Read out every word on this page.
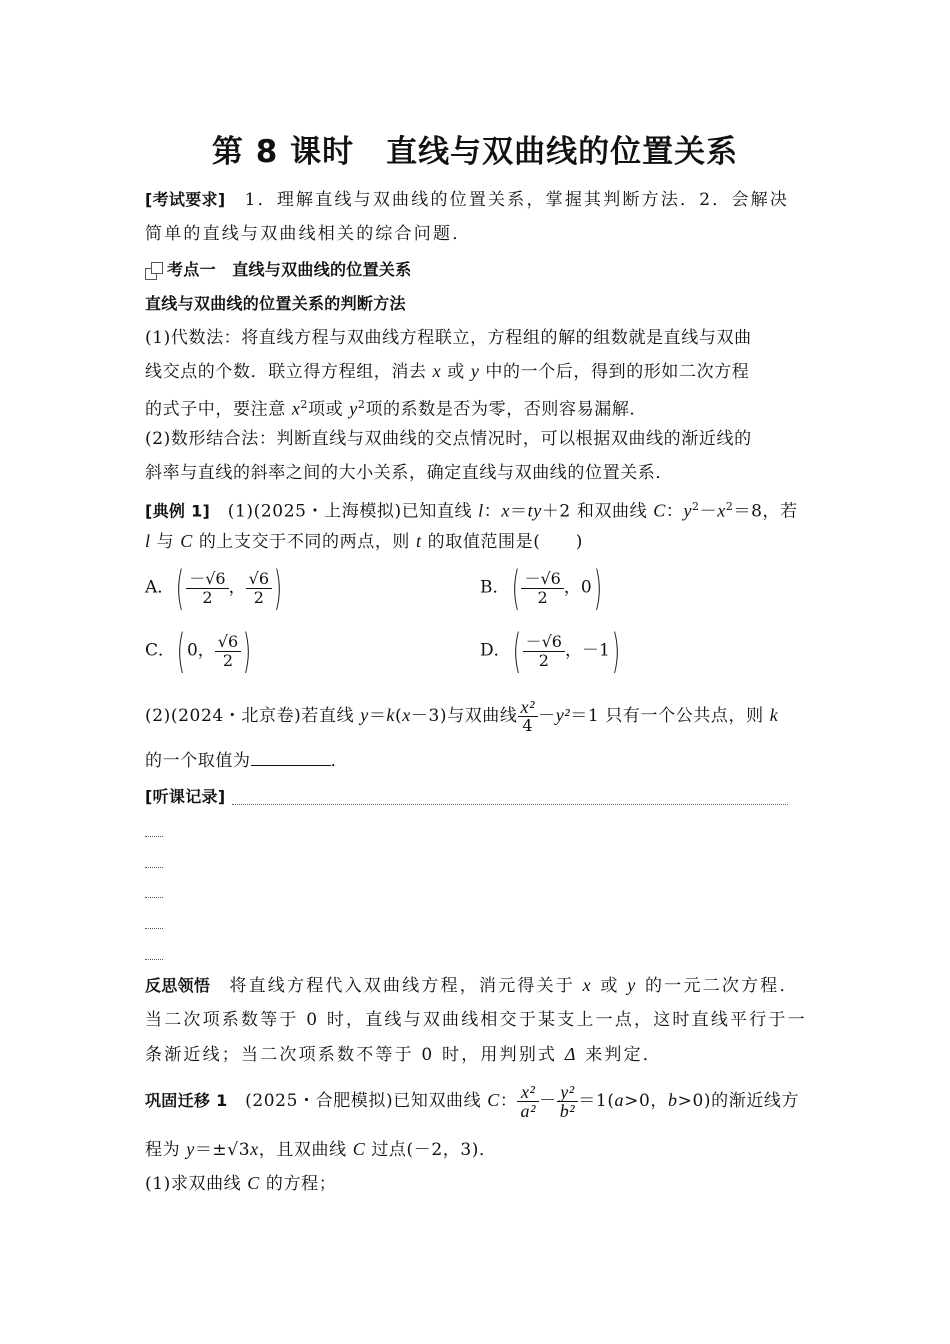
第 8 课时　直线与双曲线的位置关系
[考试要求]　 1．理解直线与双曲线的位置关系，掌握其判断方法．2．会解决
简单的直线与双曲线相关的综合问题．
考点一　直线与双曲线的位置关系
直线与双曲线的位置关系的判断方法
(1)代数法：将直线方程与双曲线方程联立，方程组的解的组数就是直线与双曲
线交点的个数．联立得方程组，消去 x 或 y 中的一个后，得到的形如二次方程
的式子中，要注意 $x^2$项或 $y^2$项的系数是否为零，否则容易漏解．
(2)数形结合法：判断直线与双曲线的交点情况时，可以根据双曲线的渐近线的
斜率与直线的斜率之间的大小关系，确定直线与双曲线的位置关系．
[典例 1]　 (1)(2025・上海模拟)已知直线 l：x＝ty＋2 和双曲线 C：$y^2-x^2=8$，若
l 与 C 的上支交于不同的两点，则 t 的取值范围是(　　)
A．( $\frac{-√6}{2}$ ， $\frac{√6}{2}$ )	B．( $\frac{-√6}{2}$ ，0)
C．( 0， $\frac{√6}{2}$ )	D．( $\frac{-√6}{2}$ ，－1)
(2)(2024・北京卷)若直线 y＝k(x－3)与双曲线 $\frac{\text{x²}}{4} -y^2=1$ 只有一个公共点，则 k
的一个取值为	．
[听课记录]
反思领悟　将直线方程代入双曲线方程，消元得关于 x 或 y 的一元二次方程．
当二次项系数等于 0 时，直线与双曲线相交于某支上一点，这时直线平行于一
条渐近线；当二次项系数不等于 0 时，用判别式 Δ 来判定．
巩固迁移 1　(2025・合肥模拟)已知双曲线 C： $\frac{\text{x²}}{\text{a²}} - \frac{\text{y²}}{\text{b²}} =1(a>0$，b>0)的渐近线方
程为 y＝±√3x，且双曲线 C 过点(－2，3)．
(1)求双曲线 C 的方程；
